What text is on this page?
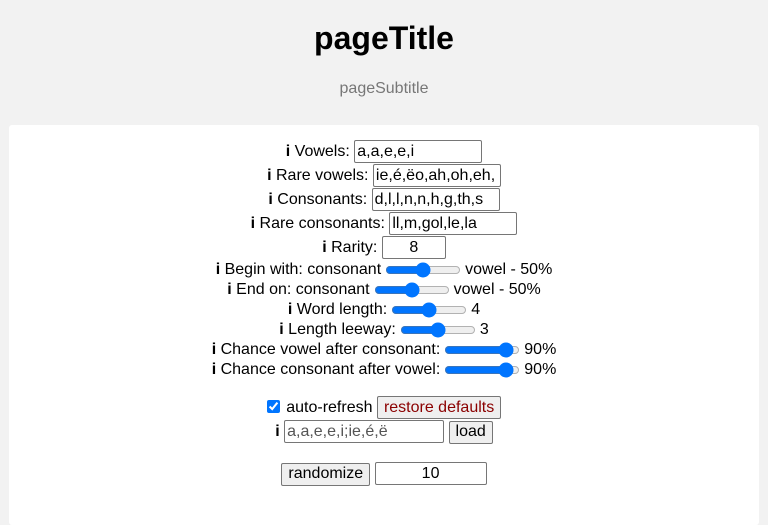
pageTitle
pageSubtitle
i Vowels: a,a,e,e,i
i Rare vowels: ie,é,ëo,ah,oh,eh,
i Consonants: d,l,l,n,n,h,g,th,s
i Rare consonants: ll,m,gol,le,la
i Rarity: 8
i Begin with: consonant	vowel - 50%
i End on: consonant	vowel - 50%
i Word length:	4
i Length leeway:	3
i Chance vowel after consonant:	90%
i Chance consonant after vowel:	90%
auto-refresh restore defaults
i a,a,e,e,i;ie,é,ë	load
randomize 10
